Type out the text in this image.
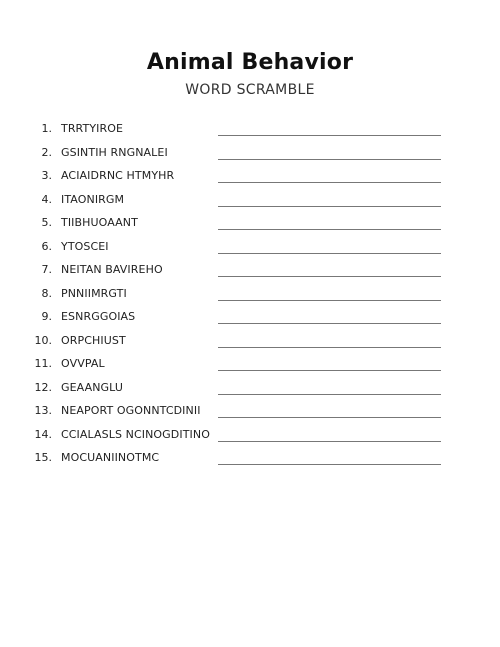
Animal Behavior
WORD SCRAMBLE
1. TRRTYIROE
2. GSINTIH RNGNALEI
3. ACIAIDRNC HTMYHR
4. ITAONIRGM
5. TIIBHUOAANT
6. YTOSCEI
7. NEITAN BAVIREHO
8. PNNIIMRGTI
9. ESNRGGOIAS
10. ORPCHIUST
11. OVVPAL
12. GEAANGLU
13. NEAPORT OGONNTCDINII
14. CCIALASLS NCINOGDITINO
15. MOCUANIINOTMC
